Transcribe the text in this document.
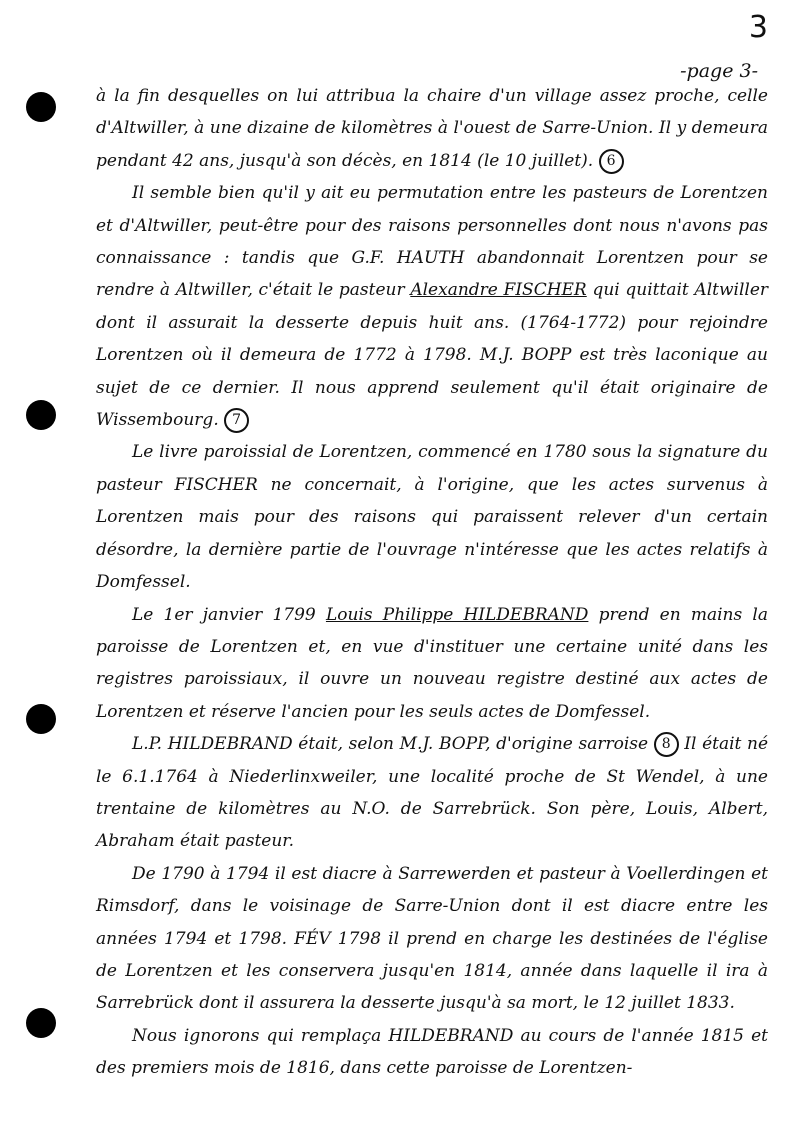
3
-page 3-

à la fin desquelles on lui attribua la chaire d'un village assez proche, celle d'Altwiller, à une dizaine de kilomètres à l'ouest de Sarre-Union. Il y demeura pendant 42 ans, jusqu'à son décès, en 1814 (le 10 juillet). 6

Il semble bien qu'il y ait eu permutation entre les pasteurs de Lorentzen et d'Altwiller, peut-être pour des raisons personnelles dont nous n'avons pas connaissance : tandis que G.F. HAUTH abandonnait Lorentzen pour se rendre à Altwiller, c'était le pasteur Alexandre FISCHER qui quittait Altwiller dont il assurait la desserte depuis huit ans. (1764-1772) pour rejoindre Lorentzen où il demeura de 1772 à 1798. M.J. BOPP est très laconique au sujet de ce dernier. Il nous apprend seulement qu'il était originaire de Wissembourg. 7

Le livre paroissial de Lorentzen, commencé en 1780 sous la signature du pasteur FISCHER ne concernait, à l'origine, que les actes survenus à Lorentzen mais pour des raisons qui paraissent relever d'un certain désordre, la dernière partie de l'ouvrage n'intéresse que les actes relatifs à Domfessel.

Le 1er janvier 1799 Louis Philippe HILDEBRAND prend en mains la paroisse de Lorentzen et, en vue d'instituer une certaine unité dans les registres paroissiaux, il ouvre un nouveau registre destiné aux actes de Lorentzen et réserve l'ancien pour les seuls actes de Domfessel.

L.P. HILDEBRAND était, selon M.J. BOPP, d'origine sarroise 8 Il était né le 6.1.1764 à Niederlinxweiler, une localité proche de St Wendel, à une trentaine de kilomètres au N.O. de Sarrebrück. Son père, Louis, Albert, Abraham était pasteur.

De 1790 à 1794 il est diacre à Sarrewerden et pasteur à Voellerdingen et Rimsdorf, dans le voisinage de Sarre-Union dont il est diacre entre les années 1794 et 1798. FÉV 1798 il prend en charge les destinées de l'église de Lorentzen et les conservera jusqu'en 1814, année dans laquelle il ira à Sarrebrück dont il assurera la desserte jusqu'à sa mort, le 12 juillet 1833.

Nous ignorons qui remplaça HILDEBRAND au cours de l'année 1815 et des premiers mois de 1816, dans cette paroisse de Lorentzen-
